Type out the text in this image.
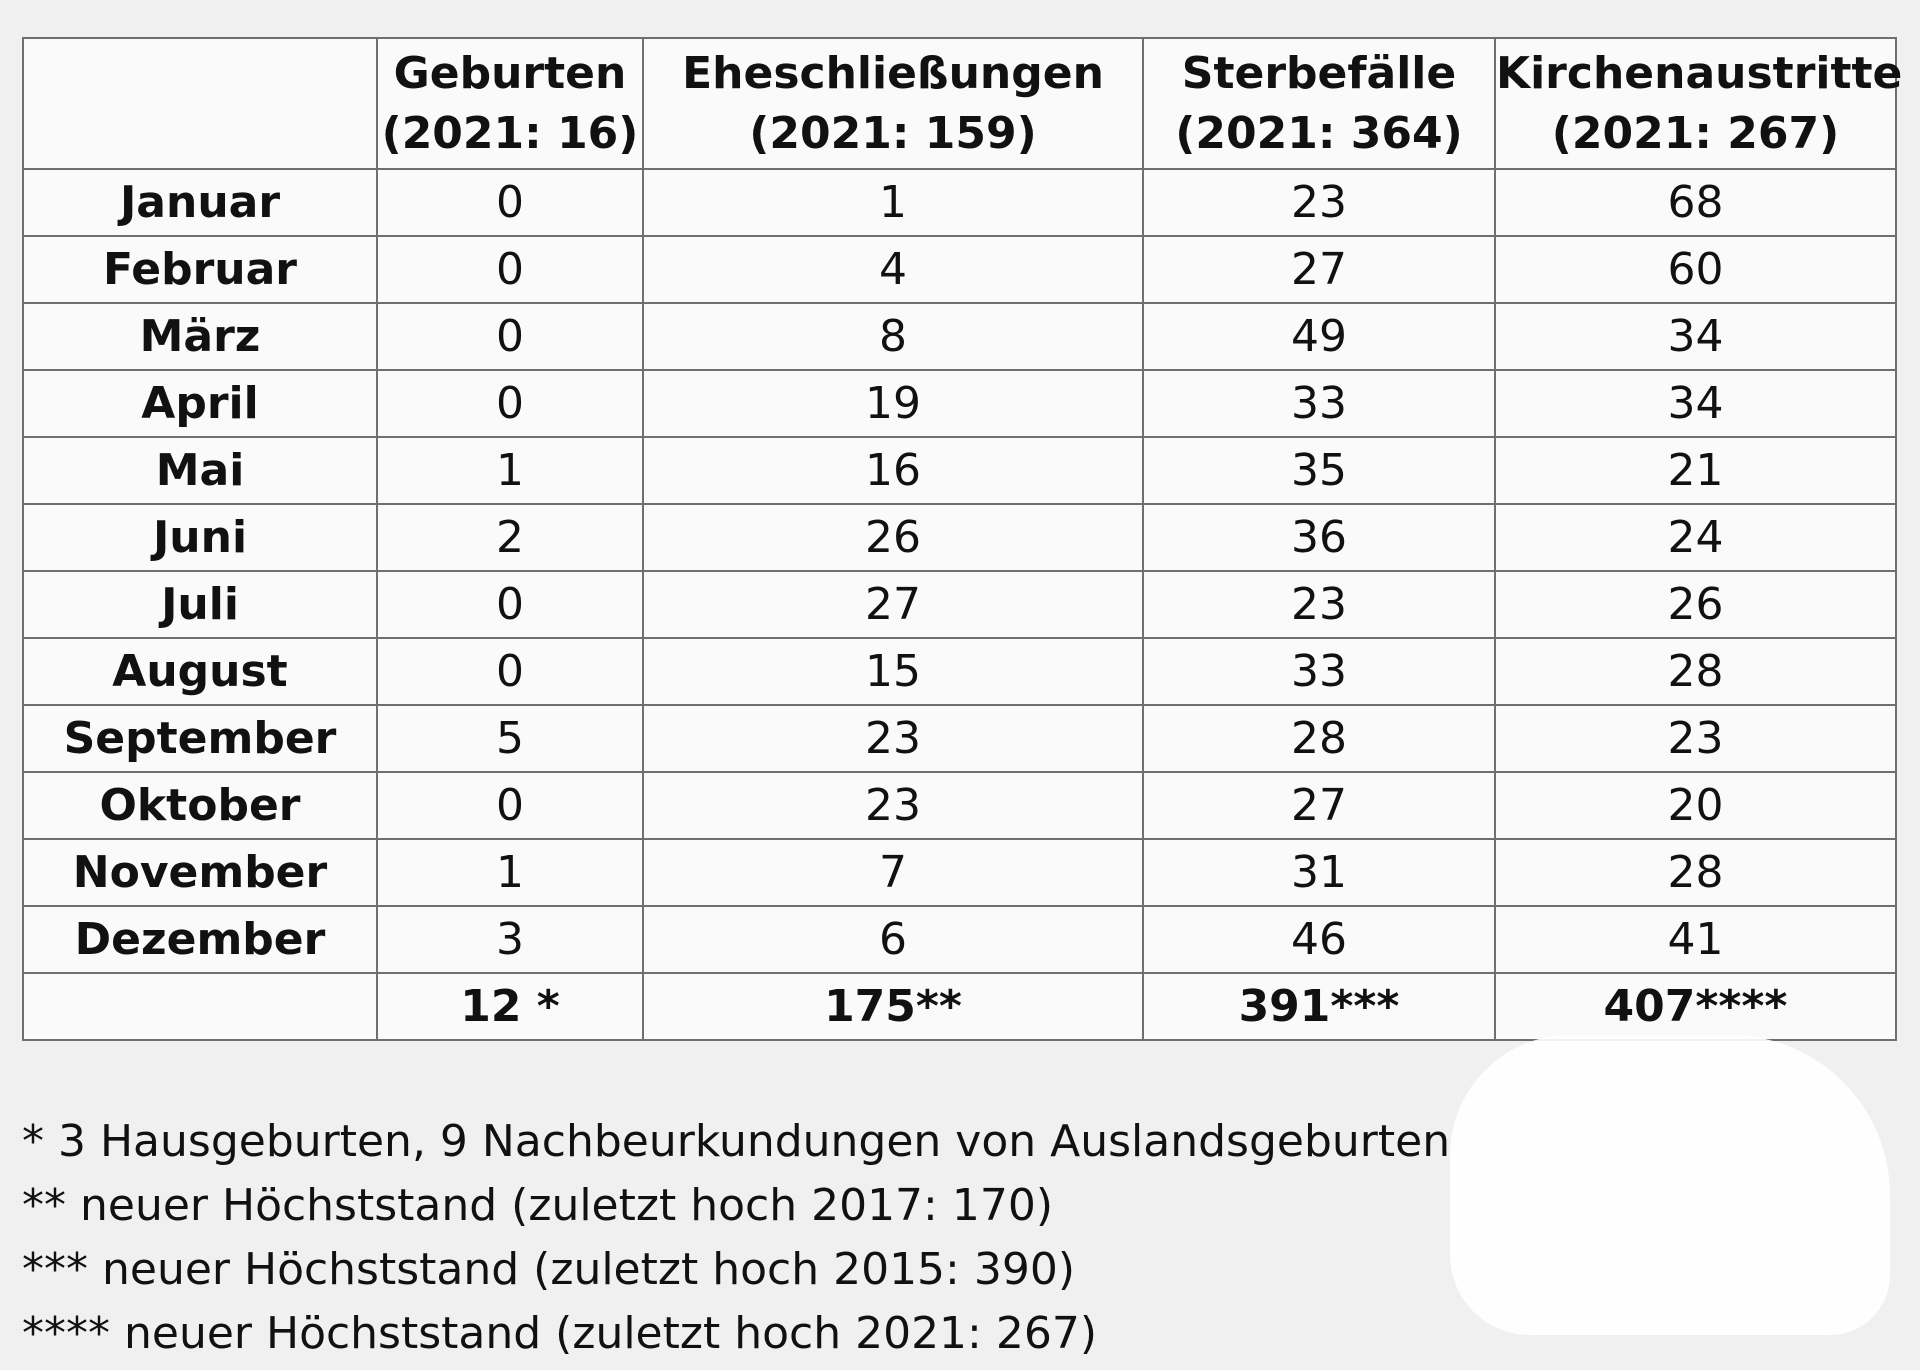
	Geburten
(2021: 16)	Eheschließungen
(2021: 159)	Sterbefälle
(2021: 364)	Kirchenaustritte
(2021: 267)

Januar	0	1	23	68
Februar	0	4	27	60
März	0	8	49	34
April	0	19	33	34
Mai	1	16	35	21
Juni	2	26	36	24
Juli	0	27	23	26
August	0	15	33	28
September	5	23	28	23
Oktober	0	23	27	20
November	1	7	31	28
Dezember	3	6	46	41
	12 *	175**	391***	407****
* 3 Hausgeburten, 9 Nachbeurkundungen von Auslandsgeburten
** neuer Höchststand (zuletzt hoch 2017: 170)
*** neuer Höchststand (zuletzt hoch 2015: 390)
**** neuer Höchststand (zuletzt hoch 2021: 267)
